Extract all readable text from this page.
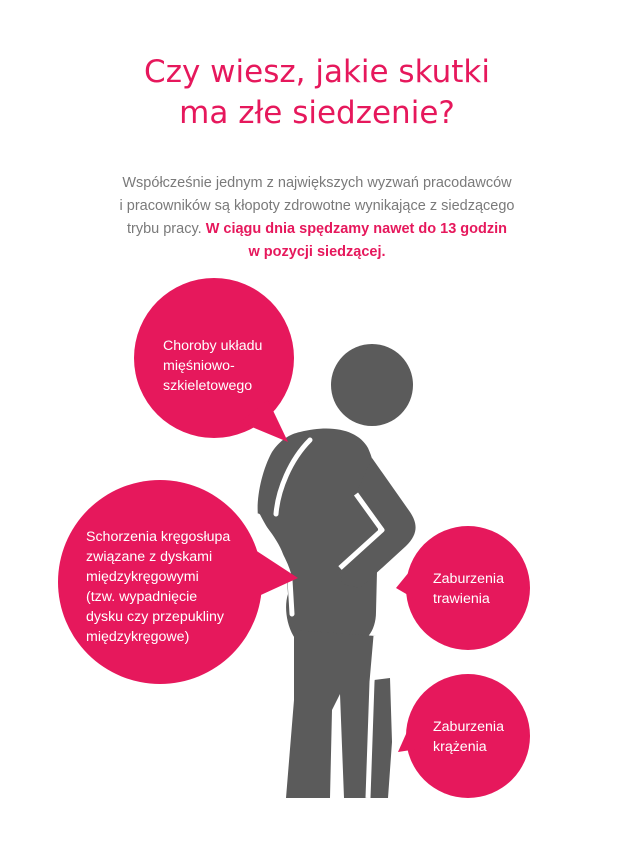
Czy wiesz, jakie skutki
ma złe siedzenie?

Współcześnie jednym z największych wyzwań pracodawców
i pracowników są kłopoty zdrowotne wynikające z siedzącego
trybu pracy. W ciągu dnia spędzamy nawet do 13 godzin
w pozycji siedzącej.

Choroby układu
mięśniowo-
szkieletowego
Schorzenia kręgosłupa
związane z dyskami
międzykręgowymi
(tzw. wypadnięcie
dysku czy przepukliny
międzykręgowe)
Zaburzenia
trawienia
Zaburzenia
krążenia
